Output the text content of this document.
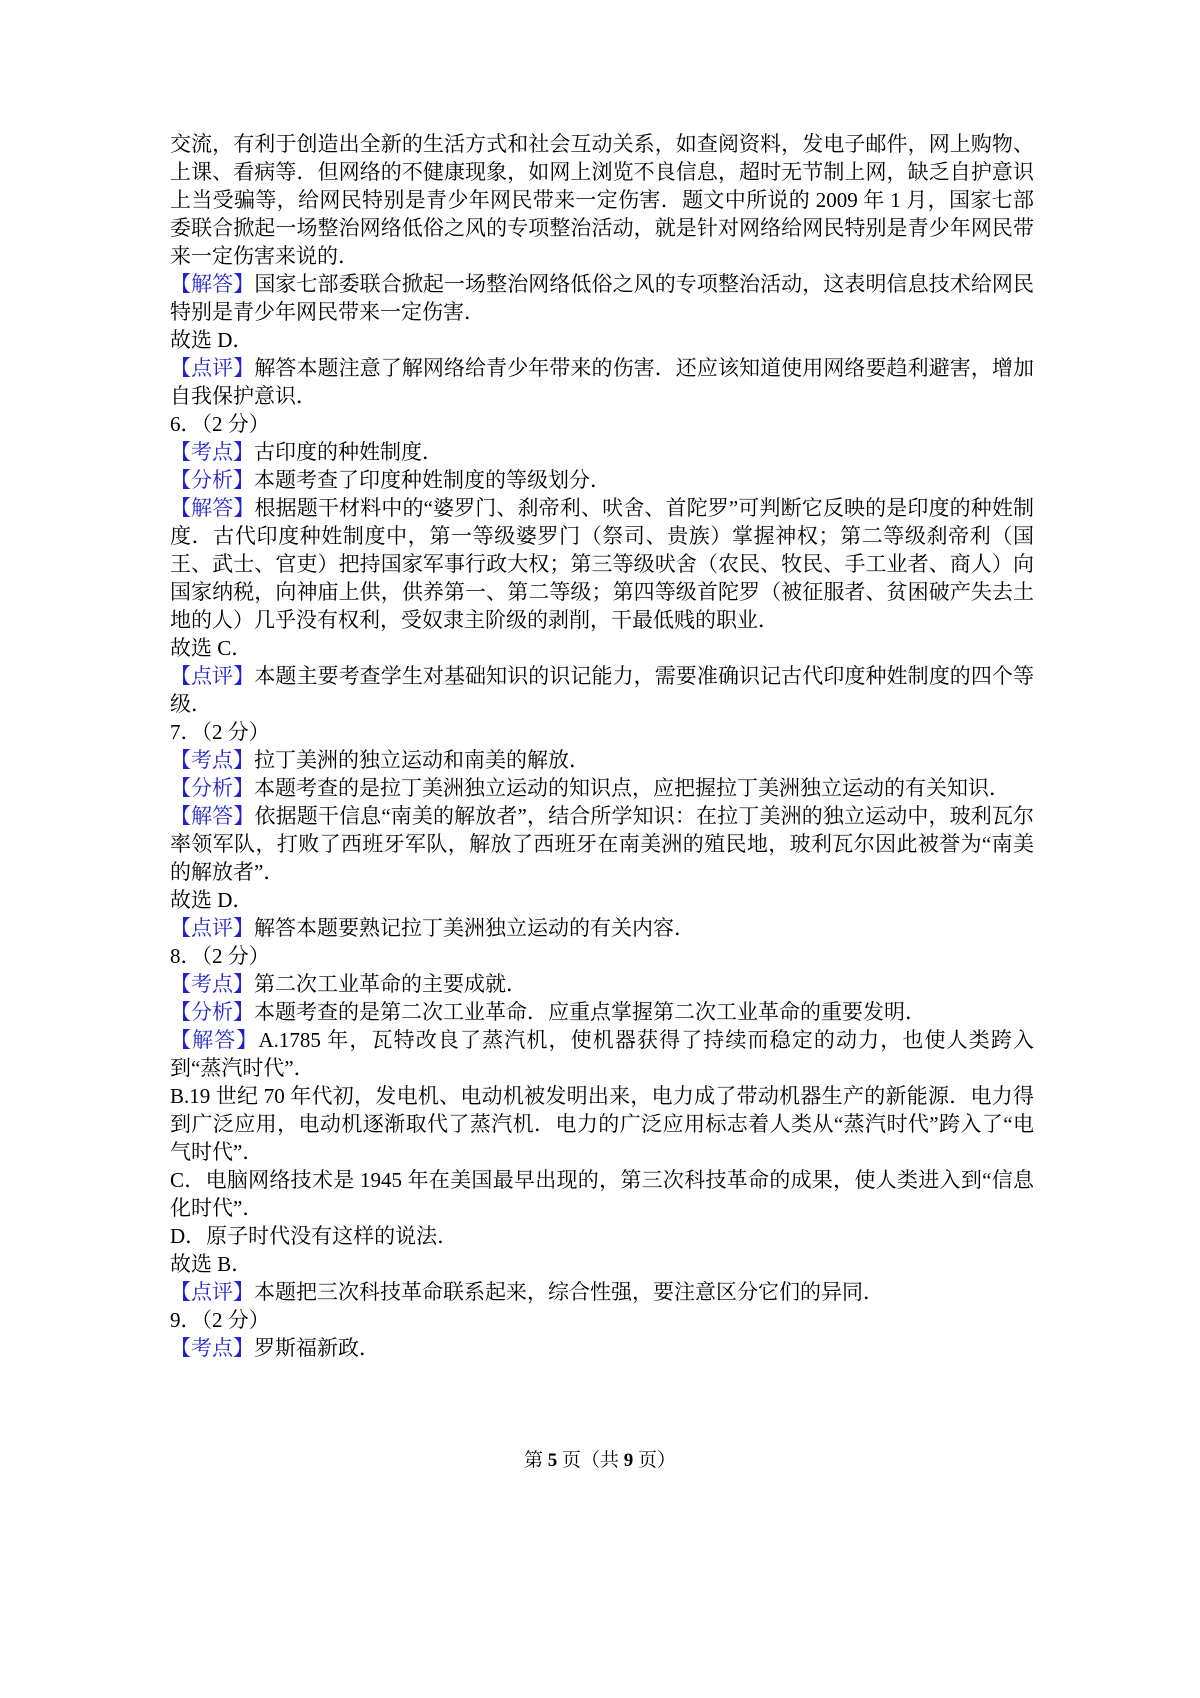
交流，有利于创造出全新的生活方式和社会互动关系，如查阅资料，发电子邮件，网上购物、上课、看病等．但网络的不健康现象，如网上浏览不良信息，超时无节制上网，缺乏自护意识上当受骗等，给网民特别是青少年网民带来一定伤害．题文中所说的 2009 年 1 月，国家七部委联合掀起一场整治网络低俗之风的专项整治活动，就是针对网络给网民特别是青少年网民带来一定伤害来说的．
【解答】国家七部委联合掀起一场整治网络低俗之风的专项整治活动，这表明信息技术给网民特别是青少年网民带来一定伤害．
故选 D．
【点评】解答本题注意了解网络给青少年带来的伤害．还应该知道使用网络要趋利避害，增加自我保护意识．
6．（2 分）
【考点】古印度的种姓制度．
【分析】本题考查了印度种姓制度的等级划分．
【解答】根据题干材料中的“婆罗门、刹帝利、吠舍、首陀罗”可判断它反映的是印度的种姓制度．古代印度种姓制度中，第一等级婆罗门（祭司、贵族）掌握神权；第二等级刹帝利（国王、武士、官吏）把持国家军事行政大权；第三等级吠舍（农民、牧民、手工业者、商人）向国家纳税，向神庙上供，供养第一、第二等级；第四等级首陀罗（被征服者、贫困破产失去土地的人）几乎没有权利，受奴隶主阶级的剥削，干最低贱的职业．
故选 C．
【点评】本题主要考查学生对基础知识的识记能力，需要准确识记古代印度种姓制度的四个等级．
7．（2 分）
【考点】拉丁美洲的独立运动和南美的解放．
【分析】本题考查的是拉丁美洲独立运动的知识点，应把握拉丁美洲独立运动的有关知识．
【解答】依据题干信息“南美的解放者”，结合所学知识：在拉丁美洲的独立运动中，玻利瓦尔率领军队，打败了西班牙军队，解放了西班牙在南美洲的殖民地，玻利瓦尔因此被誉为“南美的解放者”．
故选 D．
【点评】解答本题要熟记拉丁美洲独立运动的有关内容．
8．（2 分）
【考点】第二次工业革命的主要成就．
【分析】本题考查的是第二次工业革命．应重点掌握第二次工业革命的重要发明．
【解答】A.1785 年，瓦特改良了蒸汽机，使机器获得了持续而稳定的动力，也使人类跨入到“蒸汽时代”．
B.19 世纪 70 年代初，发电机、电动机被发明出来，电力成了带动机器生产的新能源．电力得到广泛应用，电动机逐渐取代了蒸汽机．电力的广泛应用标志着人类从“蒸汽时代”跨入了“电气时代”．
C．电脑网络技术是 1945 年在美国最早出现的，第三次科技革命的成果，使人类进入到“信息化时代”．
D．原子时代没有这样的说法．
故选 B．
【点评】本题把三次科技革命联系起来，综合性强，要注意区分它们的异同．
9．（2 分）
【考点】罗斯福新政．
第 5 页（共 9 页）
